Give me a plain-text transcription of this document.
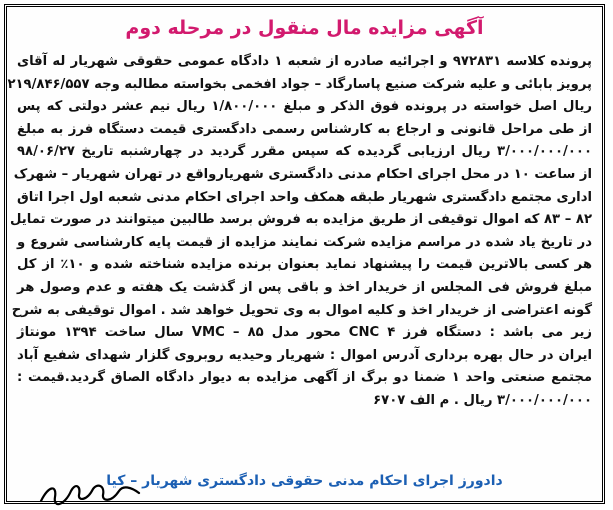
آگهی مزایده مال منقول در مرحله دوم
پرونده کلاسه ۹۷۲۸۳۱ و اجرائیه صادره از شعبه ۱ دادگاه عمومی حقوقی شهریار له آقای
پرویز بابائی و علیه شرکت صنیع پاسارگاد – جواد افخمی بخواسته مطالبه وجه ۲۱۹/۸۴۶/۵۵۷
ریال اصل خواسته در پرونده فوق الذکر و مبلغ ۱/۸۰۰/۰۰۰ ریال نیم عشر دولتی که پس
از طی مراحل قانونی و ارجاع به کارشناس رسمی دادگستری قیمت دستگاه فرز به مبلغ
۳/۰۰۰/۰۰۰/۰۰۰ ریال ارزیابی گردیده که سپس مقرر گردید در چهارشنبه تاریخ ۹۸/۰۶/۲۷
از ساعت ۱۰ در محل اجرای احکام مدنی دادگستری شهریارواقع در تهران شهریار – شهرک
اداری مجتمع دادگستری شهریار طبقه همکف واحد اجرای احکام مدنی شعبه اول اجرا اتاق
۸۲ – ۸۳ که اموال توقیفی از طریق مزایده به فروش برسد طالبین میتوانند در صورت تمایل
در تاریخ یاد شده در مراسم مزایده شرکت نمایند مزایده از قیمت پایه کارشناسی شروع و
هر کسی بالاترین قیمت را پیشنهاد نماید بعنوان برنده مزایده شناخته شده و ۱۰٪ از کل
مبلغ فروش فی المجلس از خریدار اخذ و باقی پس از گذشت یک هفته و عدم وصول هر
گونه اعتراضی از خریدار اخذ و کلیه اموال به وی تحویل خواهد شد . اموال توقیفی به شرح
زیر می باشد : دستگاه فرز CNC ۴ محور مدل VMC – ۸۵ سال ساخت ۱۳۹۴ مونتاژ
ایران در حال بهره برداری آدرس اموال : شهریار وحیدیه روبروی گلزار شهدای شفیع آباد
مجتمع صنعتی واحد ۱ ضمنا دو برگ از آگهی مزایده به دیوار دادگاه الصاق گردید.قیمت :
۳/۰۰۰/۰۰۰/۰۰۰ ریال . م الف ۶۷۰۷
دادورز اجرای احکام مدنی حقوقی دادگستری شهریار – کیا
